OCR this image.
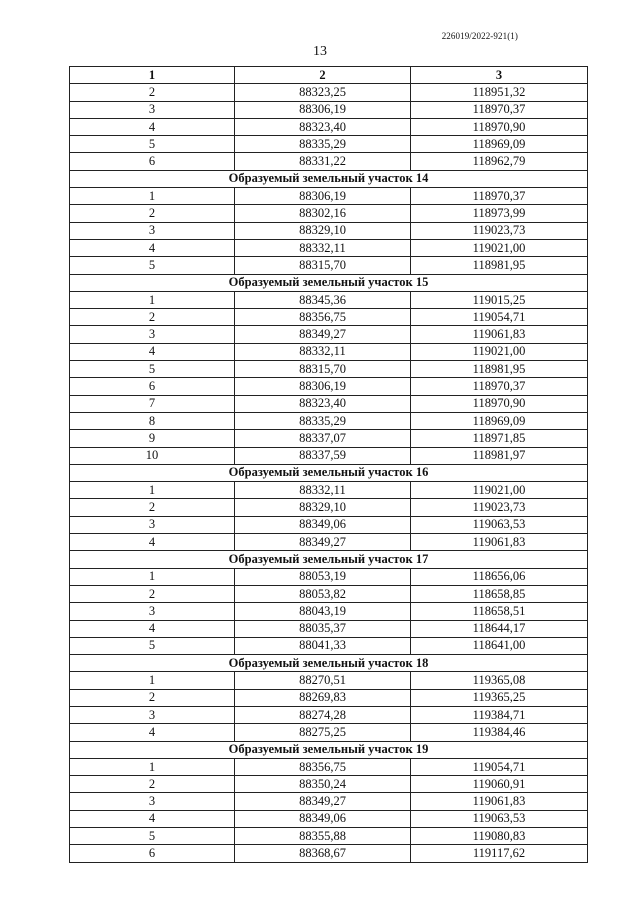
226019/2022-921(1)
13
1	2	3
2	88323,25	118951,32
3	88306,19	118970,37
4	88323,40	118970,90
5	88335,29	118969,09
6	88331,22	118962,79
Образуемый земельный участок 14		
1	88306,19	118970,37
2	88302,16	118973,99
3	88329,10	119023,73
4	88332,11	119021,00
5	88315,70	118981,95
Образуемый земельный участок 15		
1	88345,36	119015,25
2	88356,75	119054,71
3	88349,27	119061,83
4	88332,11	119021,00
5	88315,70	118981,95
6	88306,19	118970,37
7	88323,40	118970,90
8	88335,29	118969,09
9	88337,07	118971,85
10	88337,59	118981,97
Образуемый земельный участок 16		
1	88332,11	119021,00
2	88329,10	119023,73
3	88349,06	119063,53
4	88349,27	119061,83
Образуемый земельный участок 17		
1	88053,19	118656,06
2	88053,82	118658,85
3	88043,19	118658,51
4	88035,37	118644,17
5	88041,33	118641,00
Образуемый земельный участок 18		
1	88270,51	119365,08
2	88269,83	119365,25
3	88274,28	119384,71
4	88275,25	119384,46
Образуемый земельный участок 19		
1	88356,75	119054,71
2	88350,24	119060,91
3	88349,27	119061,83
4	88349,06	119063,53
5	88355,88	119080,83
6	88368,67	119117,62
